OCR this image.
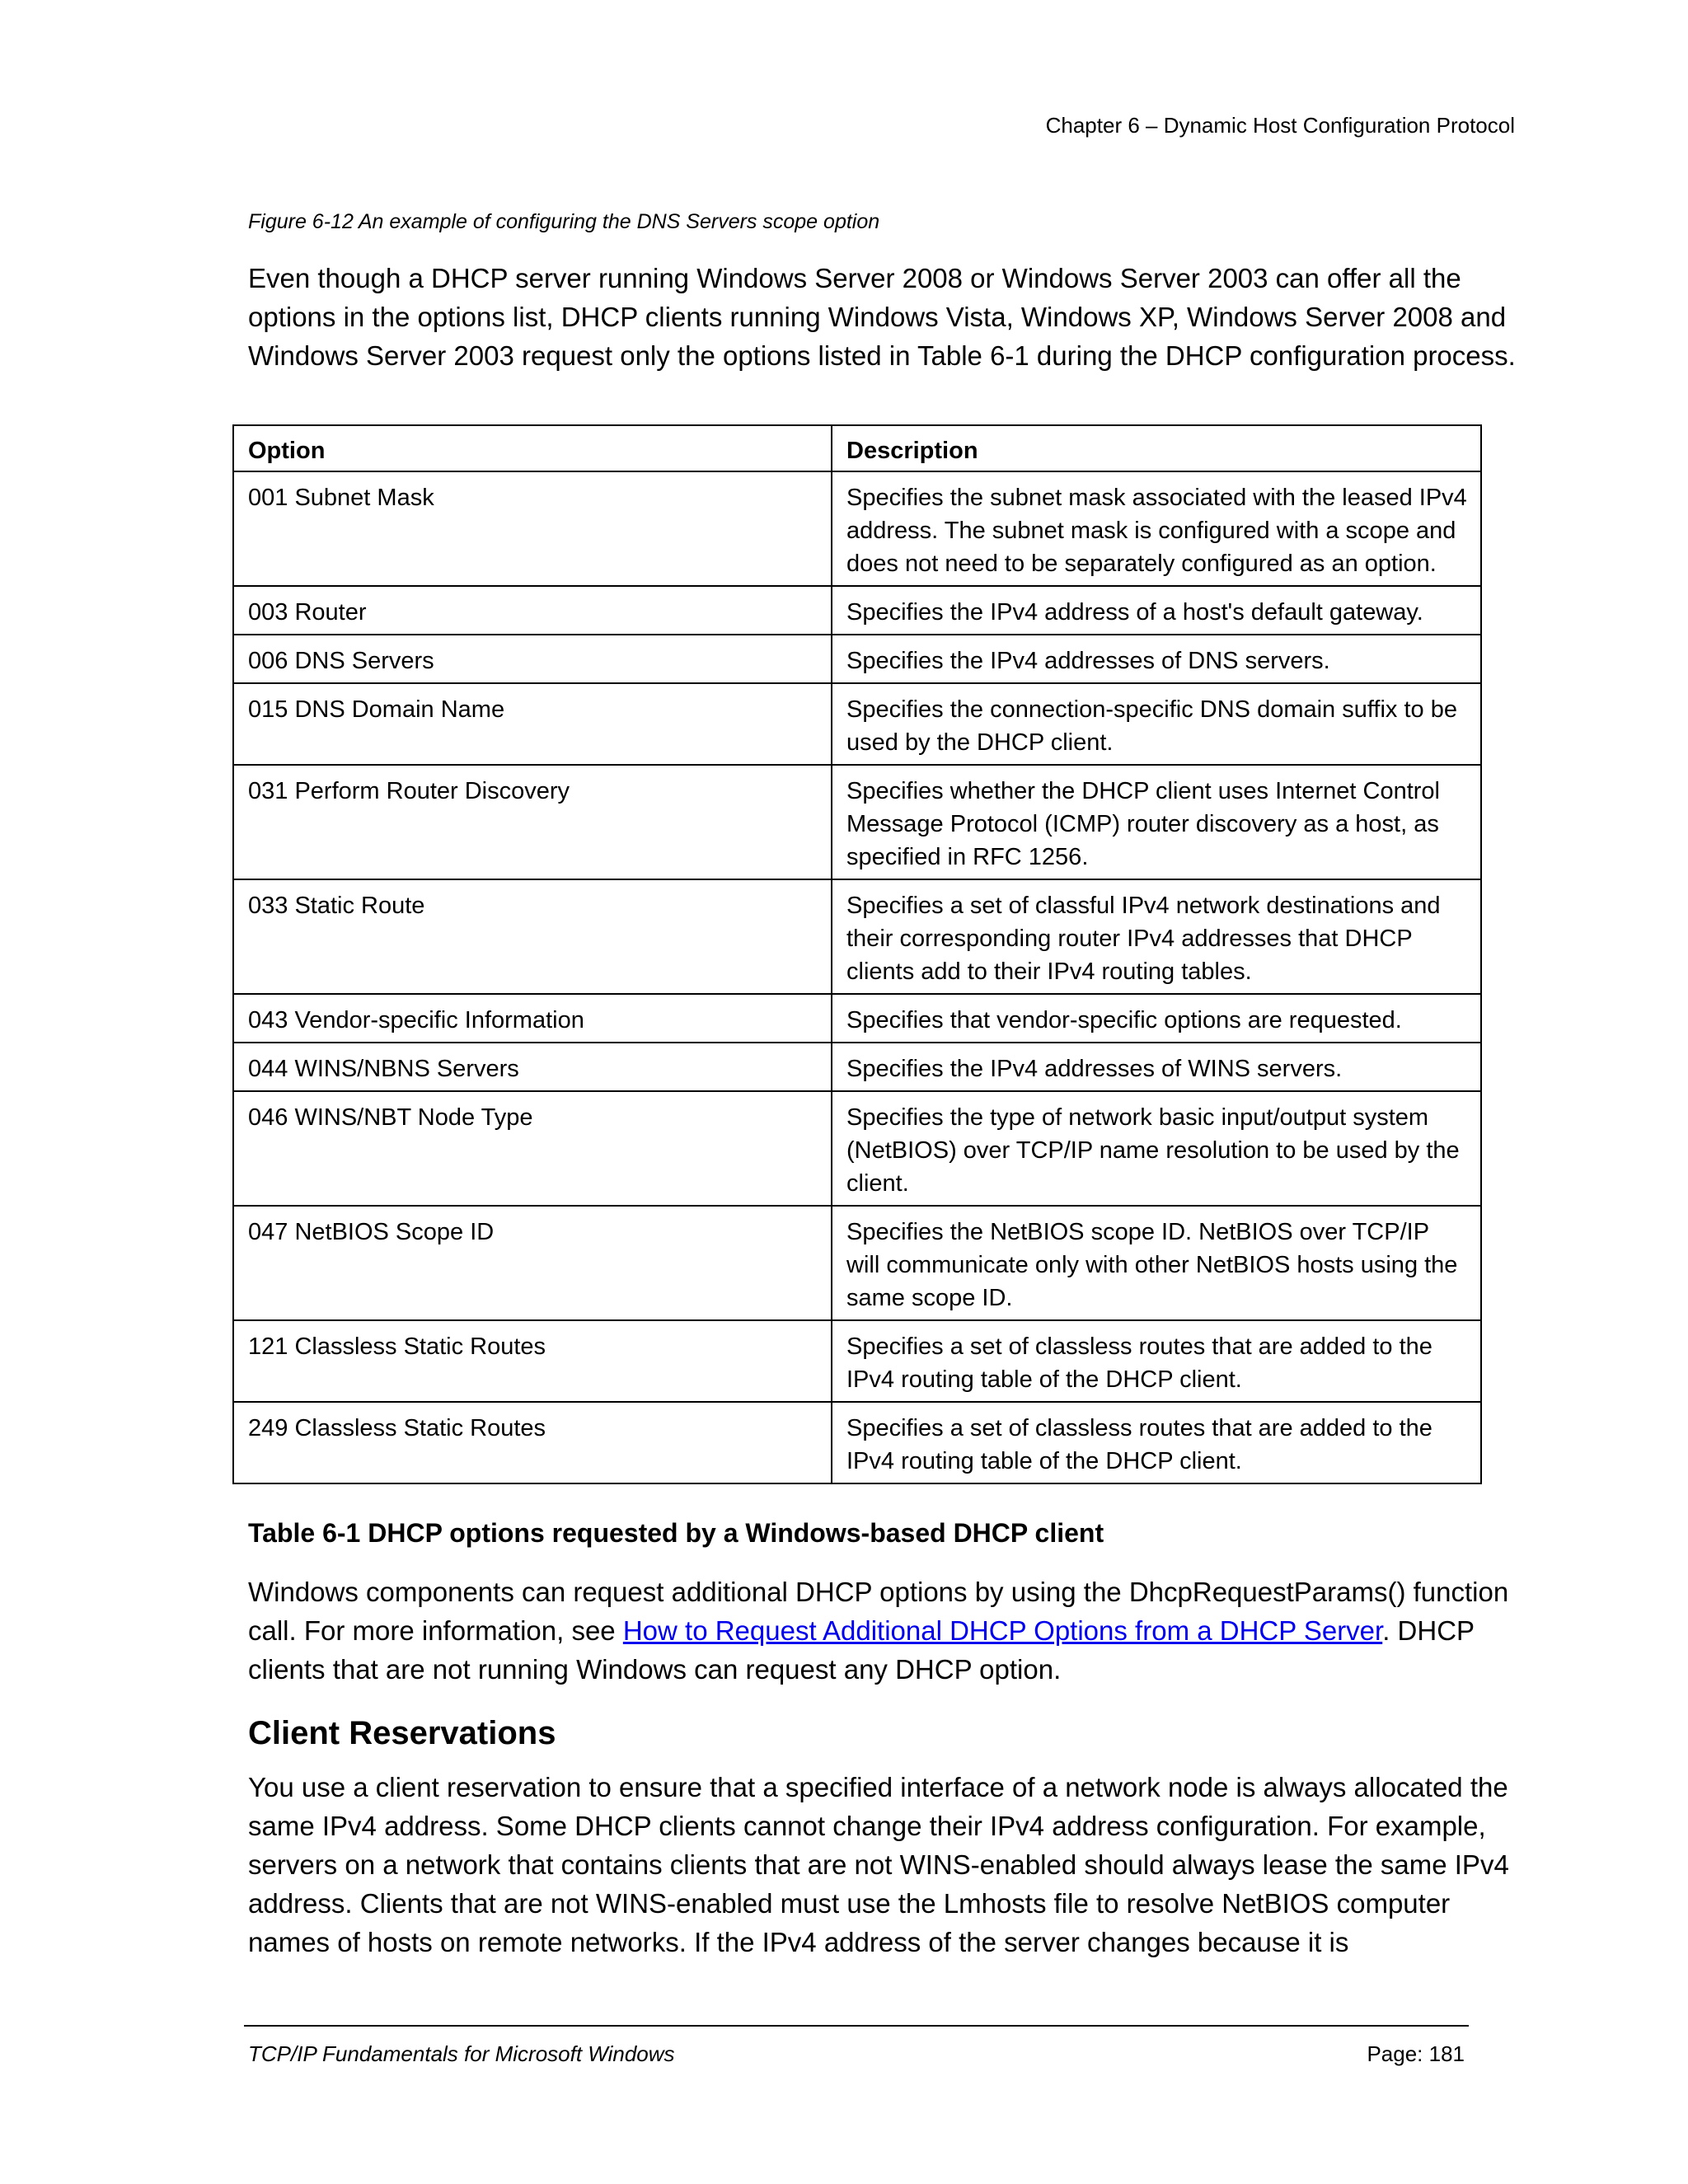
Chapter 6 – Dynamic Host Configuration Protocol
Figure 6-12 An example of configuring the DNS Servers scope option
Even though a DHCP server running Windows Server 2008 or Windows Server 2003 can offer all the options in the options list, DHCP clients running Windows Vista, Windows XP, Windows Server 2008 and Windows Server 2003 request only the options listed in Table 6-1 during the DHCP configuration process.
Option	Description
001 Subnet Mask	Specifies the subnet mask associated with the leased IPv4 address. The subnet mask is configured with a scope and does not need to be separately configured as an option.
003 Router	Specifies the IPv4 address of a host's default gateway.
006 DNS Servers	Specifies the IPv4 addresses of DNS servers.
015 DNS Domain Name	Specifies the connection-specific DNS domain suffix to be used by the DHCP client.
031 Perform Router Discovery	Specifies whether the DHCP client uses Internet Control Message Protocol (ICMP) router discovery as a host, as specified in RFC 1256.
033 Static Route	Specifies a set of classful IPv4 network destinations and their corresponding router IPv4 addresses that DHCP clients add to their IPv4 routing tables.
043 Vendor-specific Information	Specifies that vendor-specific options are requested.
044 WINS/NBNS Servers	Specifies the IPv4 addresses of WINS servers.
046 WINS/NBT Node Type	Specifies the type of network basic input/output system (NetBIOS) over TCP/IP name resolution to be used by the client.
047 NetBIOS Scope ID	Specifies the NetBIOS scope ID. NetBIOS over TCP/IP will communicate only with other NetBIOS hosts using the same scope ID.
121 Classless Static Routes	Specifies a set of classless routes that are added to the IPv4 routing table of the DHCP client.
249 Classless Static Routes	Specifies a set of classless routes that are added to the IPv4 routing table of the DHCP client.
Table 6-1 DHCP options requested by a Windows-based DHCP client
Windows components can request additional DHCP options by using the DhcpRequestParams() function call. For more information, see How to Request Additional DHCP Options from a DHCP Server. DHCP clients that are not running Windows can request any DHCP option.
Client Reservations
You use a client reservation to ensure that a specified interface of a network node is always allocated the same IPv4 address. Some DHCP clients cannot change their IPv4 address configuration. For example, servers on a network that contains clients that are not WINS-enabled should always lease the same IPv4 address. Clients that are not WINS-enabled must use the Lmhosts file to resolve NetBIOS computer names of hosts on remote networks. If the IPv4 address of the server changes because it is
TCP/IP Fundamentals for Microsoft Windows	Page: 181
